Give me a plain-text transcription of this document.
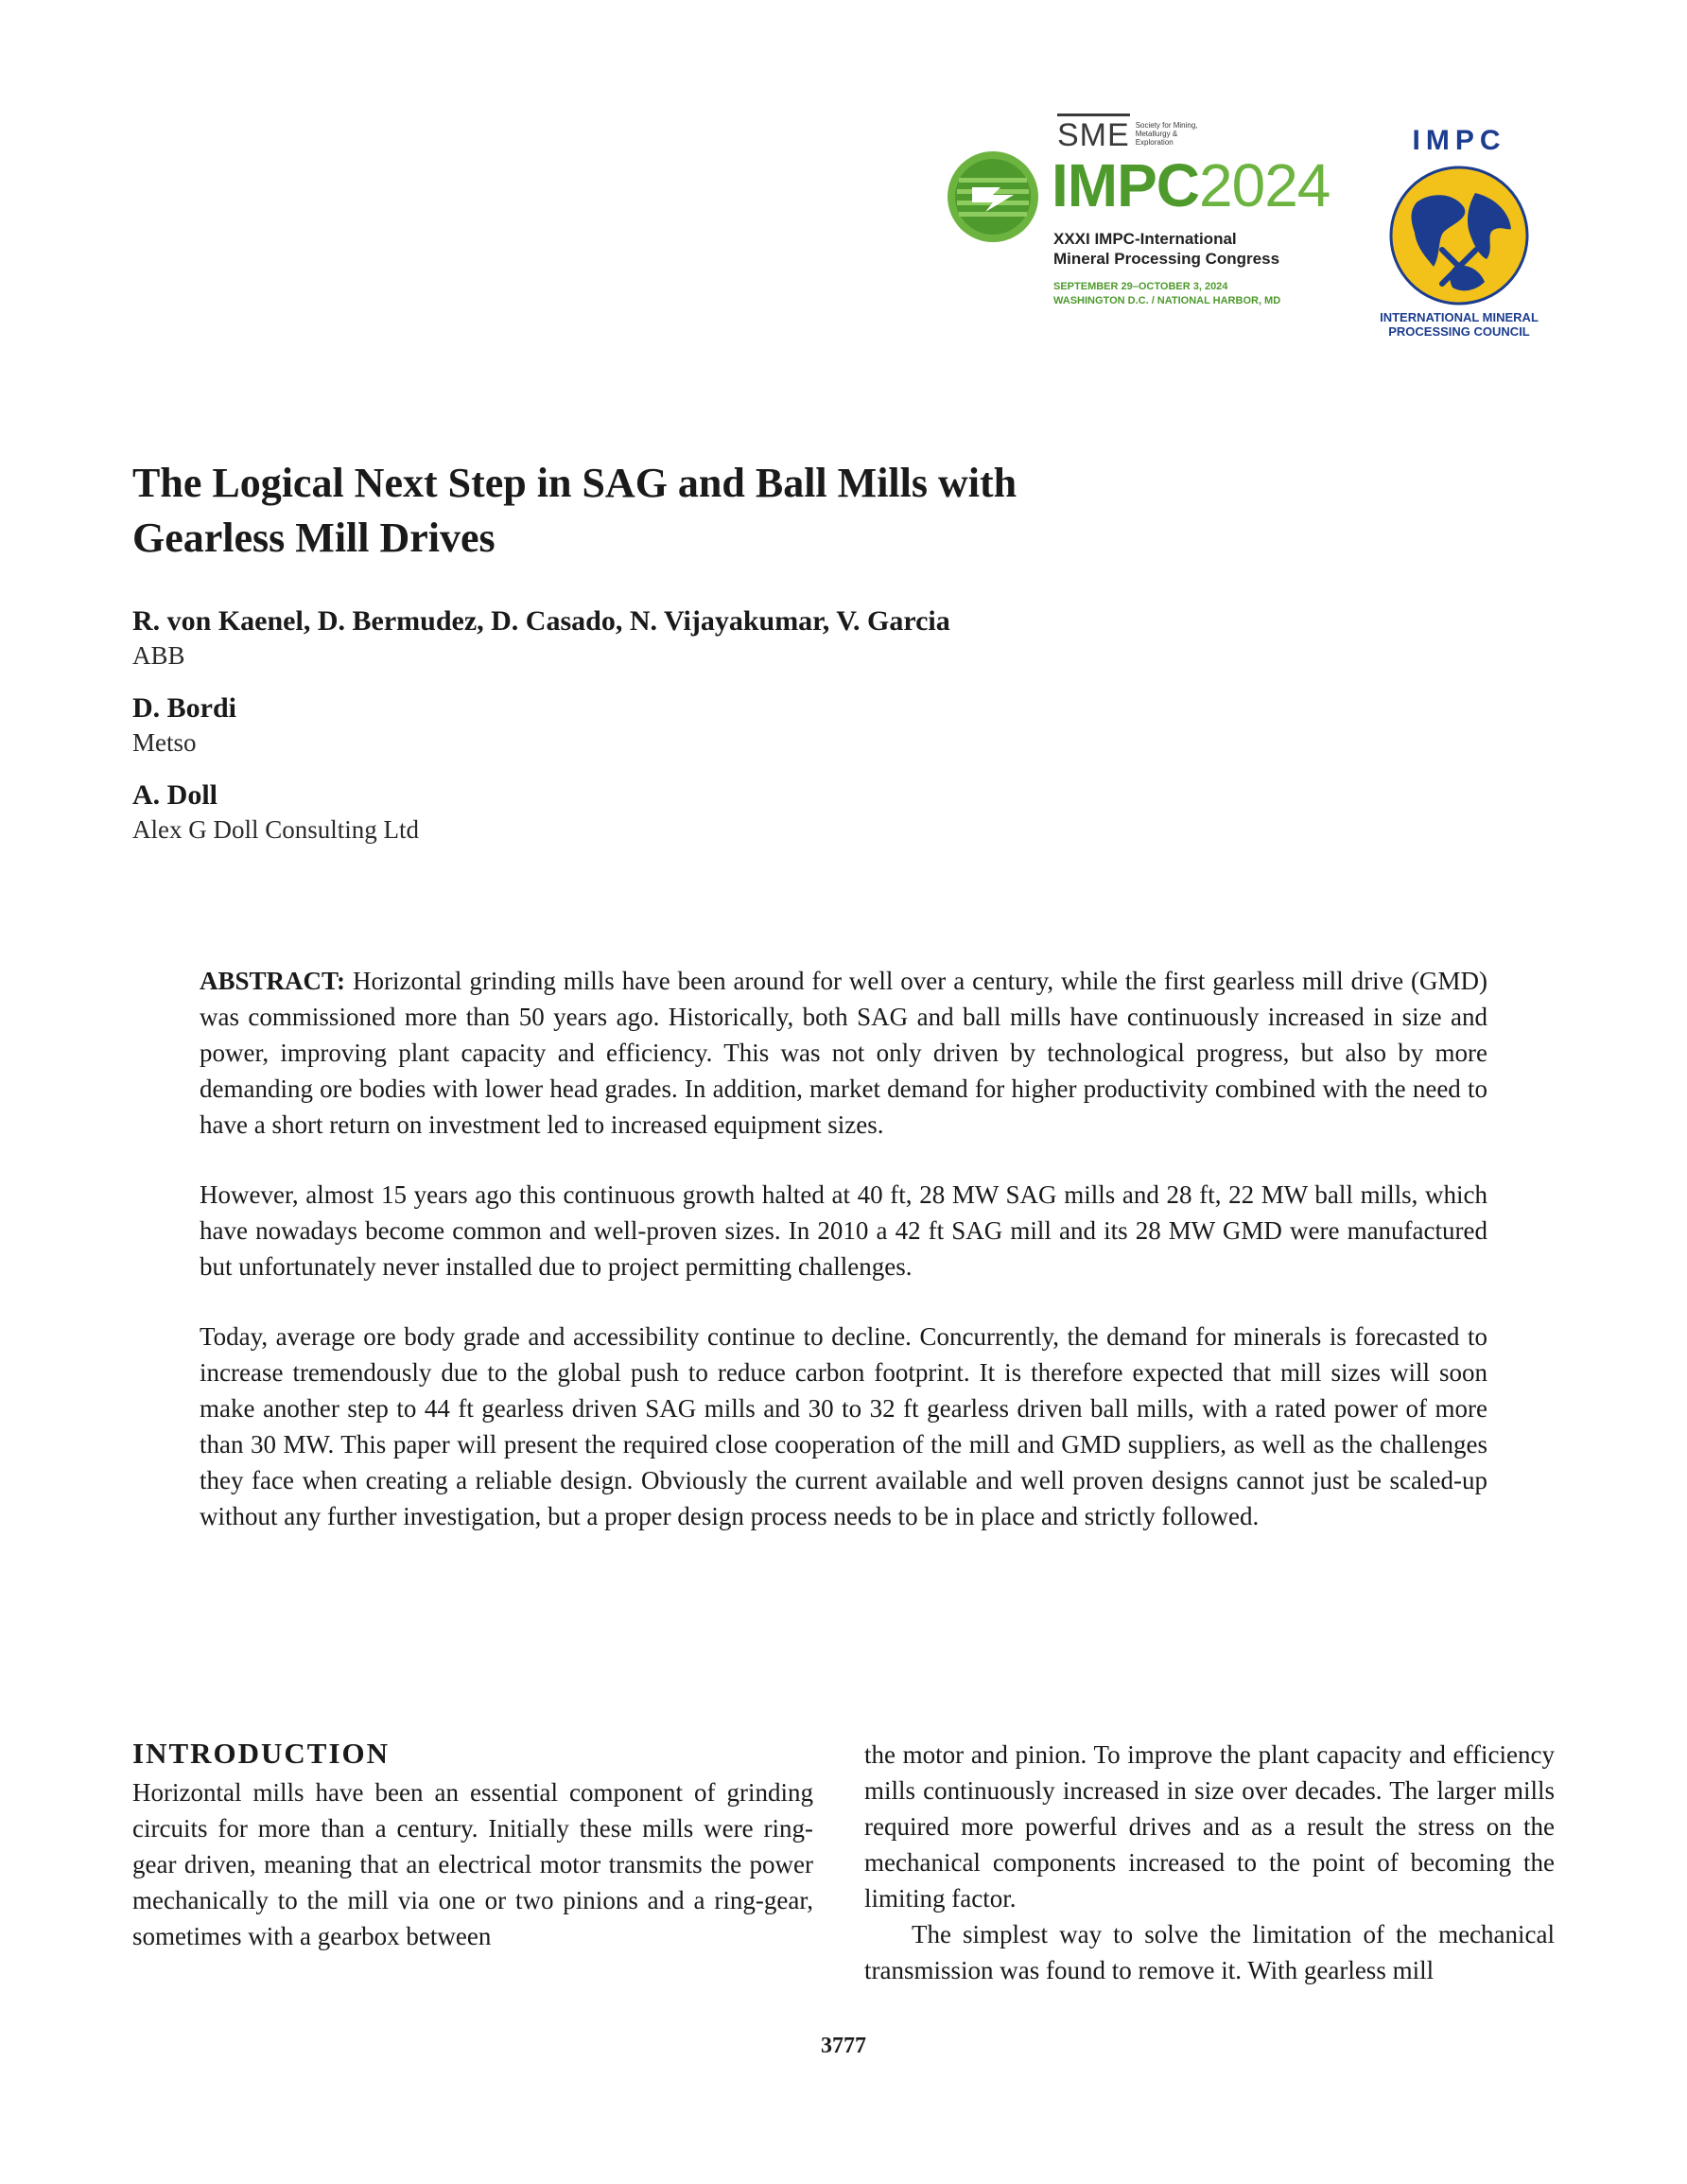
SME Society for Mining, Metallurgy & Exploration
IMPC2024
XXXI IMPC-International
Mineral Processing Congress
SEPTEMBER 29–OCTOBER 3, 2024
WASHINGTON D.C. / NATIONAL HARBOR, MD
IMPC
INTERNATIONAL MINERAL
PROCESSING COUNCIL
The Logical Next Step in SAG and Ball Mills with
Gearless Mill Drives
R. von Kaenel, D. Bermudez, D. Casado, N. Vijayakumar, V. Garcia
ABB
D. Bordi
Metso
A. Doll
Alex G Doll Consulting Ltd

ABSTRACT: Horizontal grinding mills have been around for well over a century, while the first gearless mill drive (GMD) was commissioned more than 50 years ago. Historically, both SAG and ball mills have continuously increased in size and power, improving plant capacity and efficiency. This was not only driven by technological progress, but also by more demanding ore bodies with lower head grades. In addition, market demand for higher productivity combined with the need to have a short return on investment led to increased equipment sizes.

However, almost 15 years ago this continuous growth halted at 40 ft, 28 MW SAG mills and 28 ft, 22 MW ball mills, which have nowadays become common and well-proven sizes. In 2010 a 42 ft SAG mill and its 28 MW GMD were manufactured but unfortunately never installed due to project permitting challenges.

Today, average ore body grade and accessibility continue to decline. Concurrently, the demand for minerals is forecasted to increase tremendously due to the global push to reduce carbon footprint. It is therefore expected that mill sizes will soon make another step to 44 ft gearless driven SAG mills and 30 to 32 ft gearless driven ball mills, with a rated power of more than 30 MW. This paper will present the required close cooperation of the mill and GMD suppliers, as well as the challenges they face when creating a reliable design. Obviously the current available and well proven designs cannot just be scaled-up without any further investigation, but a proper design process needs to be in place and strictly followed.

INTRODUCTION

Horizontal mills have been an essential component of grinding circuits for more than a century. Initially these mills were ring-gear driven, meaning that an electrical motor transmits the power mechanically to the mill via one or two pinions and a ring-gear, sometimes with a gearbox between

the motor and pinion. To improve the plant capacity and efficiency mills continuously increased in size over decades. The larger mills required more powerful drives and as a result the stress on the mechanical components increased to the point of becoming the limiting factor.

The simplest way to solve the limitation of the mechanical transmission was found to remove it. With gearless mill

3777
